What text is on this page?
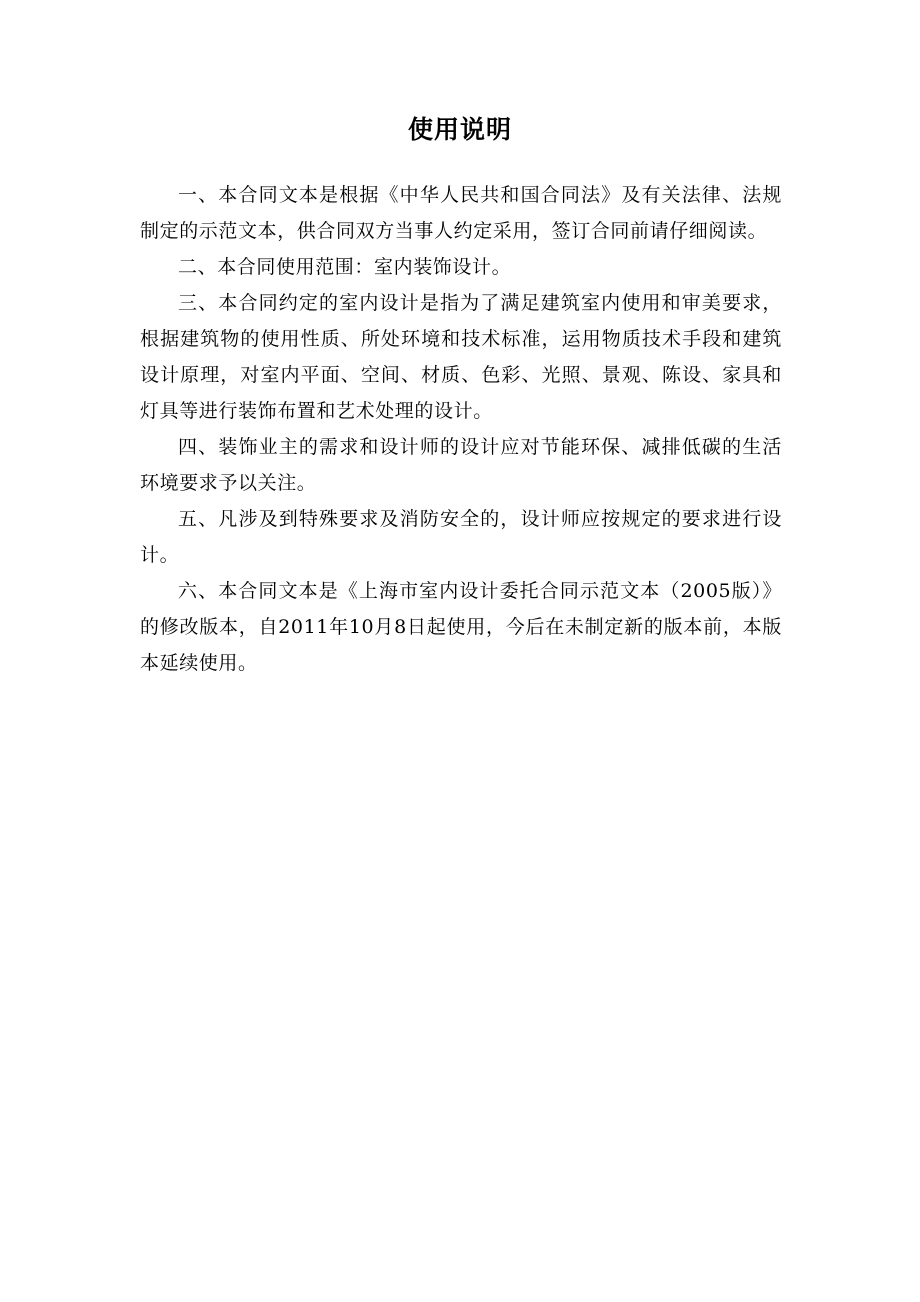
使用说明

一、本合同文本是根据《中华人民共和国合同法》及有关法律、法规制定的示范文本，供合同双方当事人约定采用，签订合同前请仔细阅读。

二、本合同使用范围：室内装饰设计。

三、本合同约定的室内设计是指为了满足建筑室内使用和审美要求，根据建筑物的使用性质、所处环境和技术标准，运用物质技术手段和建筑设计原理，对室内平面、空间、材质、色彩、光照、景观、陈设、家具和灯具等进行装饰布置和艺术处理的设计。

四、装饰业主的需求和设计师的设计应对节能环保、减排低碳的生活环境要求予以关注。

五、凡涉及到特殊要求及消防安全的，设计师应按规定的要求进行设计。

六、本合同文本是《上海市室内设计委托合同示范文本（2005版）》的修改版本，自2011年10月8日起使用，今后在未制定新的版本前，本版本延续使用。
